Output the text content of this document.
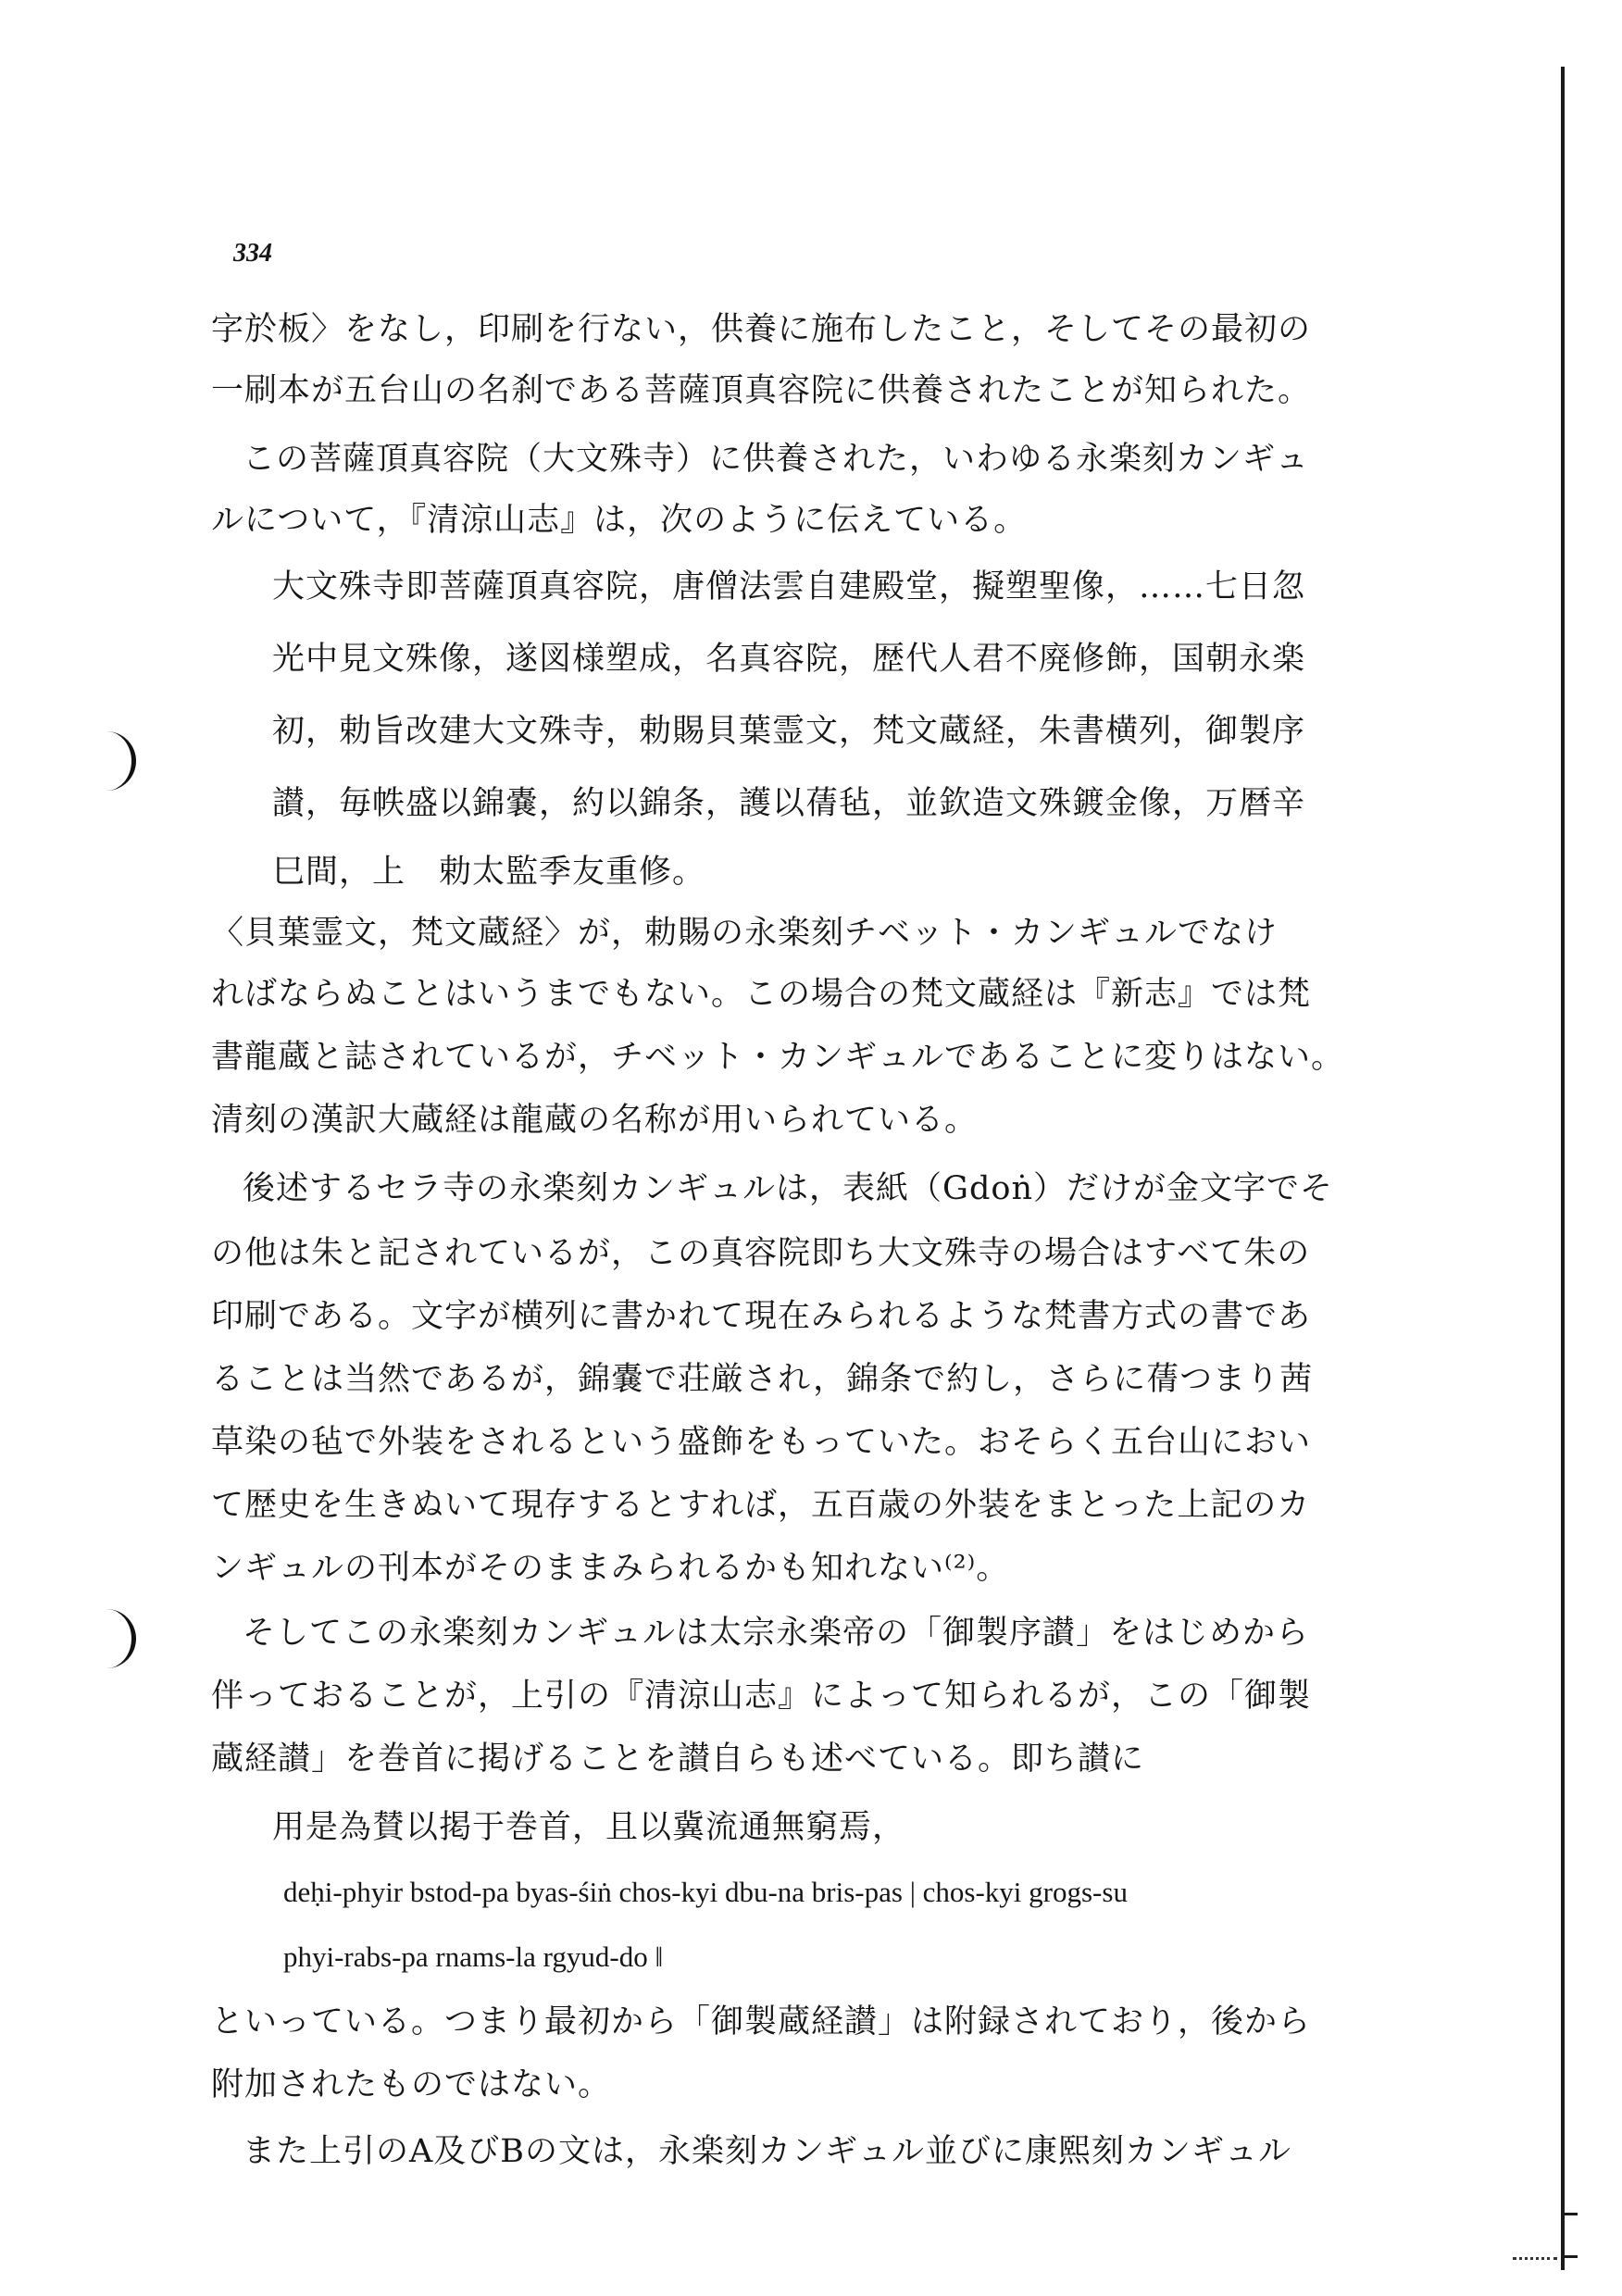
334
字於板〉をなし，印刷を行ない，供養に施布したこと，そしてその最初の
一刷本が五台山の名刹である菩薩頂真容院に供養されたことが知られた。
この菩薩頂真容院（大文殊寺）に供養された，いわゆる永楽刻カンギュ
ルについて，『清涼山志』は，次のように伝えている。
大文殊寺即菩薩頂真容院，唐僧法雲自建殿堂，擬塑聖像，……七日忽
光中見文殊像，遂図様塑成，名真容院，歴代人君不廃修飾，国朝永楽
初，勅旨改建大文殊寺，勅賜貝葉霊文，梵文蔵経，朱書横列，御製序
讃，毎帙盛以錦嚢，約以錦条，護以蒨毡，並欽造文殊鍍金像，万暦辛
巳間，上　勅太監季友重修。
〈貝葉霊文，梵文蔵経〉が，勅賜の永楽刻チベット・カンギュルでなけ
ればならぬことはいうまでもない。この場合の梵文蔵経は『新志』では梵
書龍蔵と誌されているが，チベット・カンギュルであることに変りはない。
清刻の漢訳大蔵経は龍蔵の名称が用いられている。
後述するセラ寺の永楽刻カンギュルは，表紙（Gdoṅ）だけが金文字でそ
の他は朱と記されているが，この真容院即ち大文殊寺の場合はすべて朱の
印刷である。文字が横列に書かれて現在みられるような梵書方式の書であ
ることは当然であるが，錦嚢で荘厳され，錦条で約し，さらに蒨つまり茜
草染の毡で外装をされるという盛飾をもっていた。おそらく五台山におい
て歴史を生きぬいて現存するとすれば，五百歳の外装をまとった上記のカ
ンギュルの刊本がそのままみられるかも知れない⁽²⁾。
そしてこの永楽刻カンギュルは太宗永楽帝の「御製序讃」をはじめから
伴っておることが，上引の『清涼山志』によって知られるが，この「御製
蔵経讃」を巻首に掲げることを讃自らも述べている。即ち讃に
用是為賛以掲于巻首，且以冀流通無窮焉，
deḥi-phyir bstod-pa byas-śiṅ chos-kyi dbu-na bris-pas | chos-kyi grogs-su
phyi-rabs-pa rnams-la rgyud-do ‖
といっている。つまり最初から「御製蔵経讃」は附録されており，後から
附加されたものではない。
また上引のA及びBの文は，永楽刻カンギュル並びに康熙刻カンギュル
